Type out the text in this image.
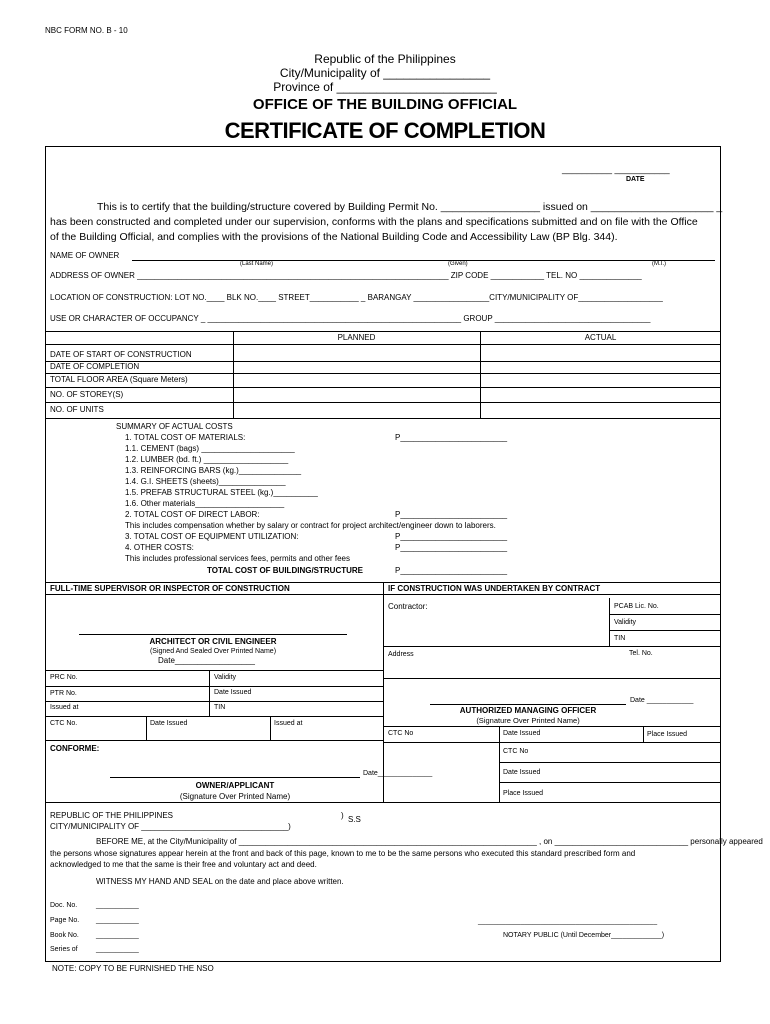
NBC FORM NO. B - 10
Republic of the Philippines
City/Municipality of ________________
Province of ________________________
OFFICE OF THE BUILDING OFFICIAL
CERTIFICATE OF COMPLETION
__________ ___________
DATE
This is to certify that the building/structure covered by Building Permit No. _________________ issued on _____________________ _
has been constructed and completed under our supervision, conforms with the plans and specifications submitted and on file with the Office
of the Building Official, and complies with the provisions of the National Building Code and Accessibility Law (BP Blg. 344).
NAME OF OWNER
(Last Name)	(Given)	(M.I.)
ADDRESS OF OWNER ______________________________________________________________________ ZIP CODE ____________ TEL. NO ______________
LOCATION OF CONSTRUCTION: LOT NO.____ BLK NO.____ STREET___________ _ BARANGAY _________________CITY/MUNICIPALITY OF___________________
USE OR CHARACTER OF OCCUPANCY _ _________________________________________________________ GROUP ___________________________________
PLANNED	ACTUAL
DATE OF START OF CONSTRUCTION
DATE OF COMPLETION
TOTAL FLOOR AREA (Square Meters)
NO. OF STOREY(S)
NO. OF UNITS
SUMMARY OF ACTUAL COSTS
1. TOTAL COST OF MATERIALS:	P________________________
1.1. CEMENT (bags) _____________________
1.2. LUMBER (bd. ft.) ___________________
1.3. REINFORCING BARS (kg.)______________
1.4. G.I. SHEETS (sheets)_______________
1.5. PREFAB STRUCTURAL STEEL (kg.)__________
1.6. Other materials____________________
2. TOTAL COST OF DIRECT LABOR:	P________________________
This includes compensation whether by salary or contract for project architect/engineer down to laborers.
3. TOTAL COST OF EQUIPMENT UTILIZATION:	P________________________
4. OTHER COSTS:	P________________________
This includes professional services fees, permits and other fees
TOTAL COST OF BUILDING/STRUCTURE	P________________________
FULL-TIME SUPERVISOR OR INSPECTOR OF CONSTRUCTION	IF CONSTRUCTION WAS UNDERTAKEN BY CONTRACT
ARCHITECT OR CIVIL ENGINEER
(Signed And Sealed Over Printed Name)
Date__________________
PRC No.	Validity
PTR No.	Date Issued
Issued at	TIN
CTC No.	Date Issued	Issued at
Contractor:	PCAB Lic. No.
Validity
TIN
Address	Tel. No.
Date ____________
AUTHORIZED MANAGING OFFICER
(Signature Over Printed Name)
CTC No	Date Issued	Place Issued
CONFORME:
Date______________
OWNER/APPLICANT
(Signature Over Printed Name)
CTC No
Date Issued
Place Issued
REPUBLIC OF THE PHILIPPINES
CITY/MUNICIPALITY OF _________________________________)
) S.S
BEFORE ME, at the City/Municipality of ___________________________________________________________________ , on ______________________________ personally appeared
the persons whose signatures appear herein at the front and back of this page, known to me to be the same persons who executed this standard prescribed form and
acknowledged to me that the same is their free and voluntary act and deed.
WITNESS MY HAND AND SEAL on the date and place above written.
Doc. No.	___________
Page No. ___________
Book No. ___________
Series of	___________
______________________________________________
NOTARY PUBLIC (Until December_____________)
NOTE: COPY TO BE FURNISHED THE NSO
